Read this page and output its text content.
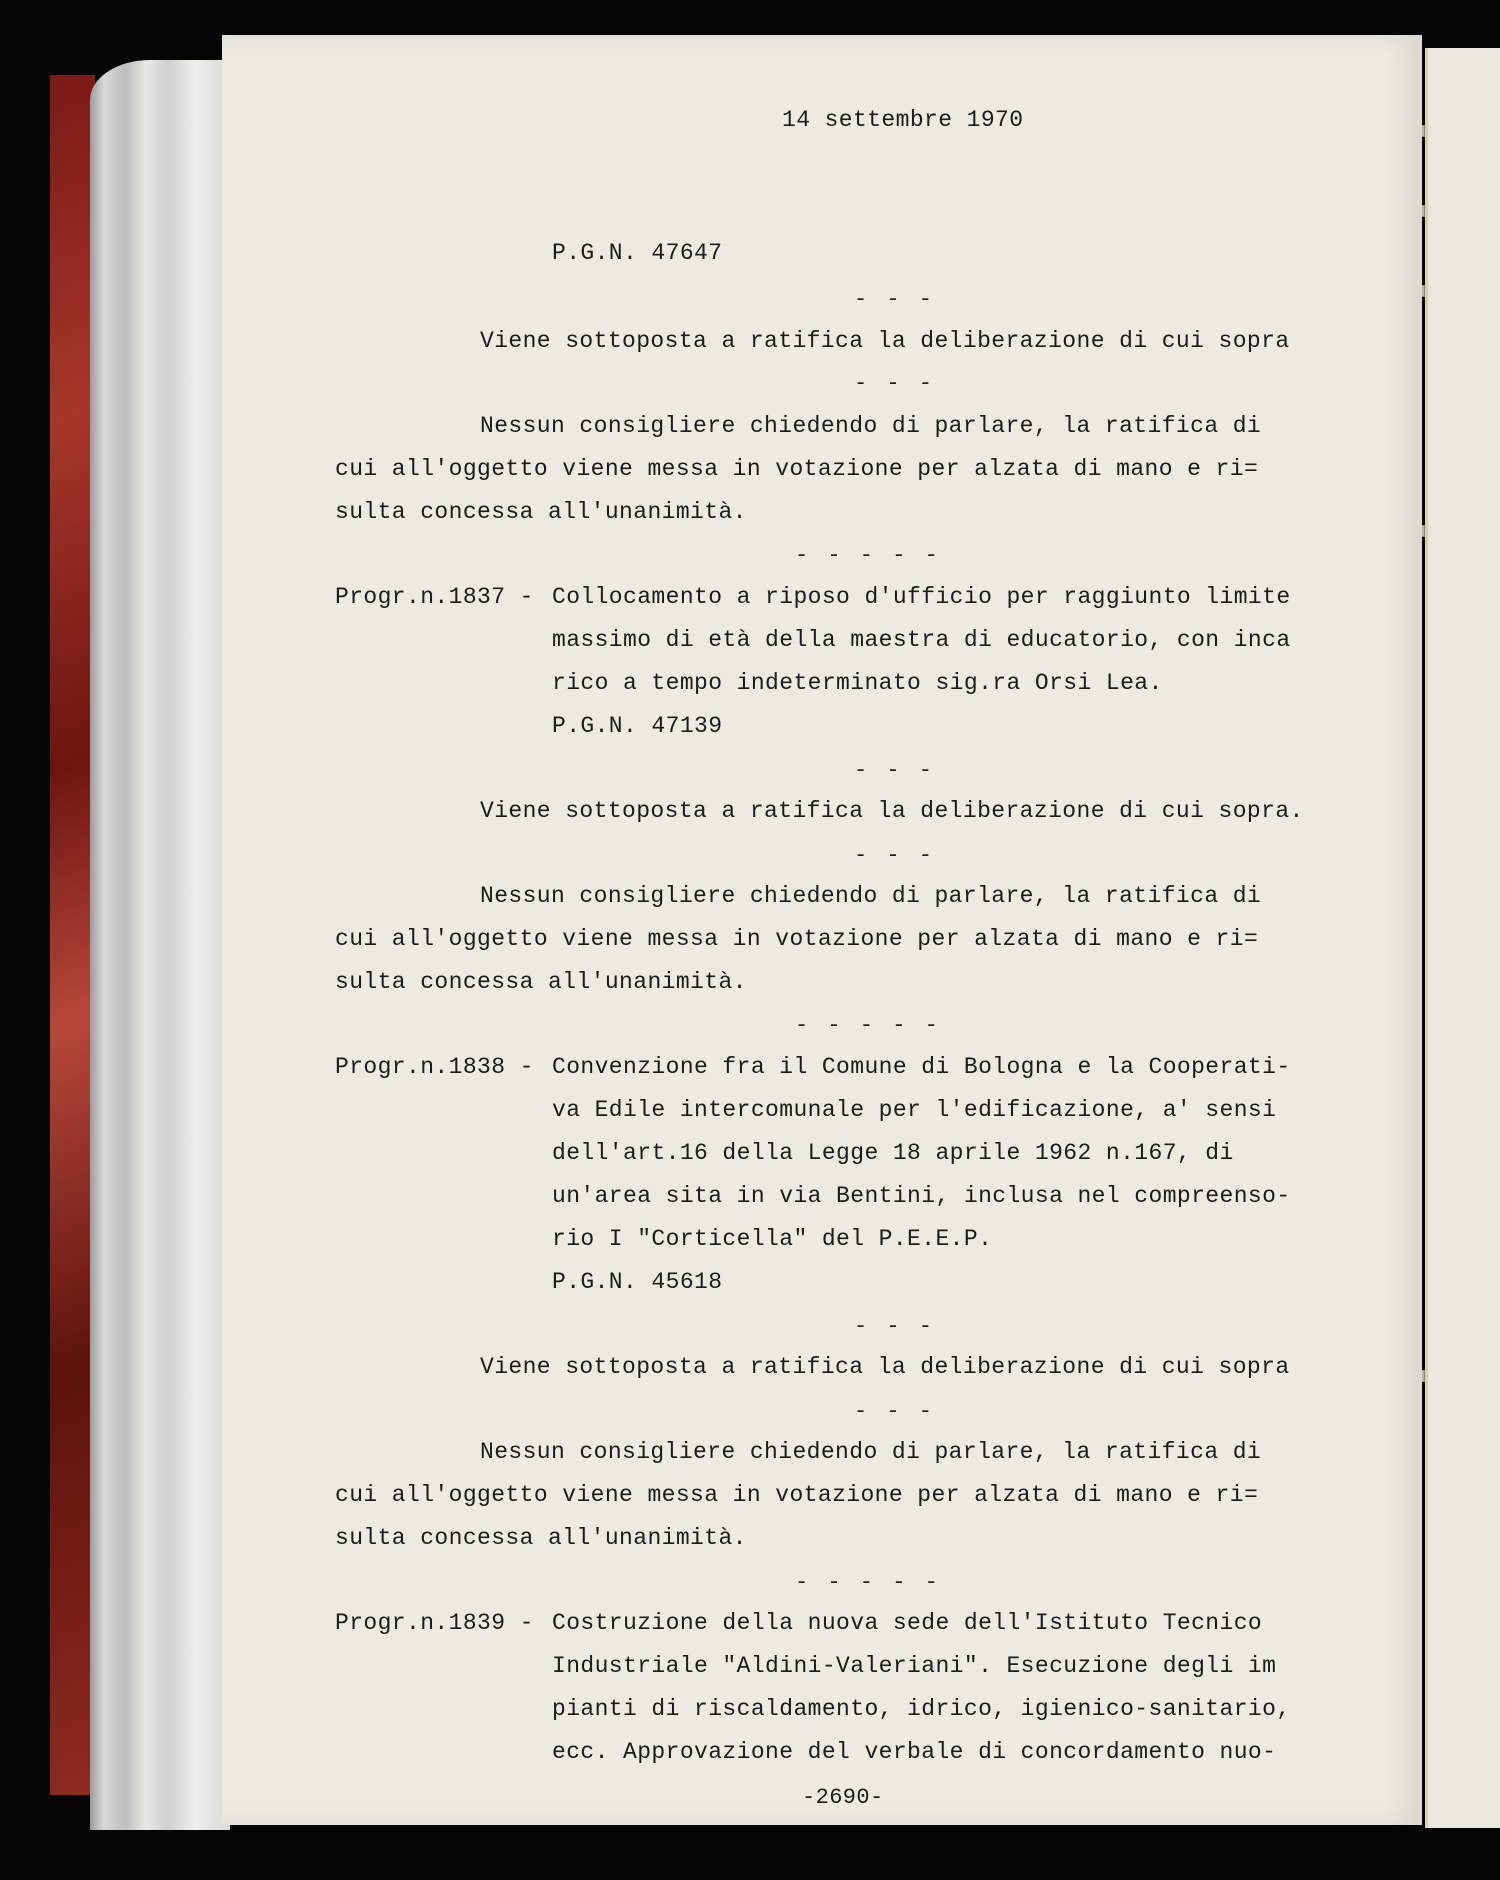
14 settembre 1970
P.G.N. 47647
- - -
Viene sottoposta a ratifica la deliberazione di cui sopra
- - -
Nessun consigliere chiedendo di parlare, la ratifica di
cui all'oggetto viene messa in votazione per alzata di mano e ri=
sulta concessa all'unanimità.
- - - - -
Progr.n.1837 - Collocamento a riposo d'ufficio per raggiunto limite
massimo di età della maestra di educatorio, con inca
rico a tempo indeterminato sig.ra Orsi Lea.
P.G.N. 47139
- - -
Viene sottoposta a ratifica la deliberazione di cui sopra.
- - -
Nessun consigliere chiedendo di parlare, la ratifica di
cui all'oggetto viene messa in votazione per alzata di mano e ri=
sulta concessa all'unanimità.
- - - - -
Progr.n.1838 - Convenzione fra il Comune di Bologna e la Cooperati-
va Edile intercomunale per l'edificazione, a' sensi
dell'art.16 della Legge 18 aprile 1962 n.167, di
un'area sita in via Bentini, inclusa nel compreenso-
rio I "Corticella" del P.E.E.P.
P.G.N. 45618
- - -
Viene sottoposta a ratifica la deliberazione di cui sopra
- - -
Nessun consigliere chiedendo di parlare, la ratifica di
cui all'oggetto viene messa in votazione per alzata di mano e ri=
sulta concessa all'unanimità.
- - - - -
Progr.n.1839 - Costruzione della nuova sede dell'Istituto Tecnico
Industriale "Aldini-Valeriani". Esecuzione degli im
pianti di riscaldamento, idrico, igienico-sanitario,
ecc. Approvazione del verbale di concordamento nuo-
-2690-
